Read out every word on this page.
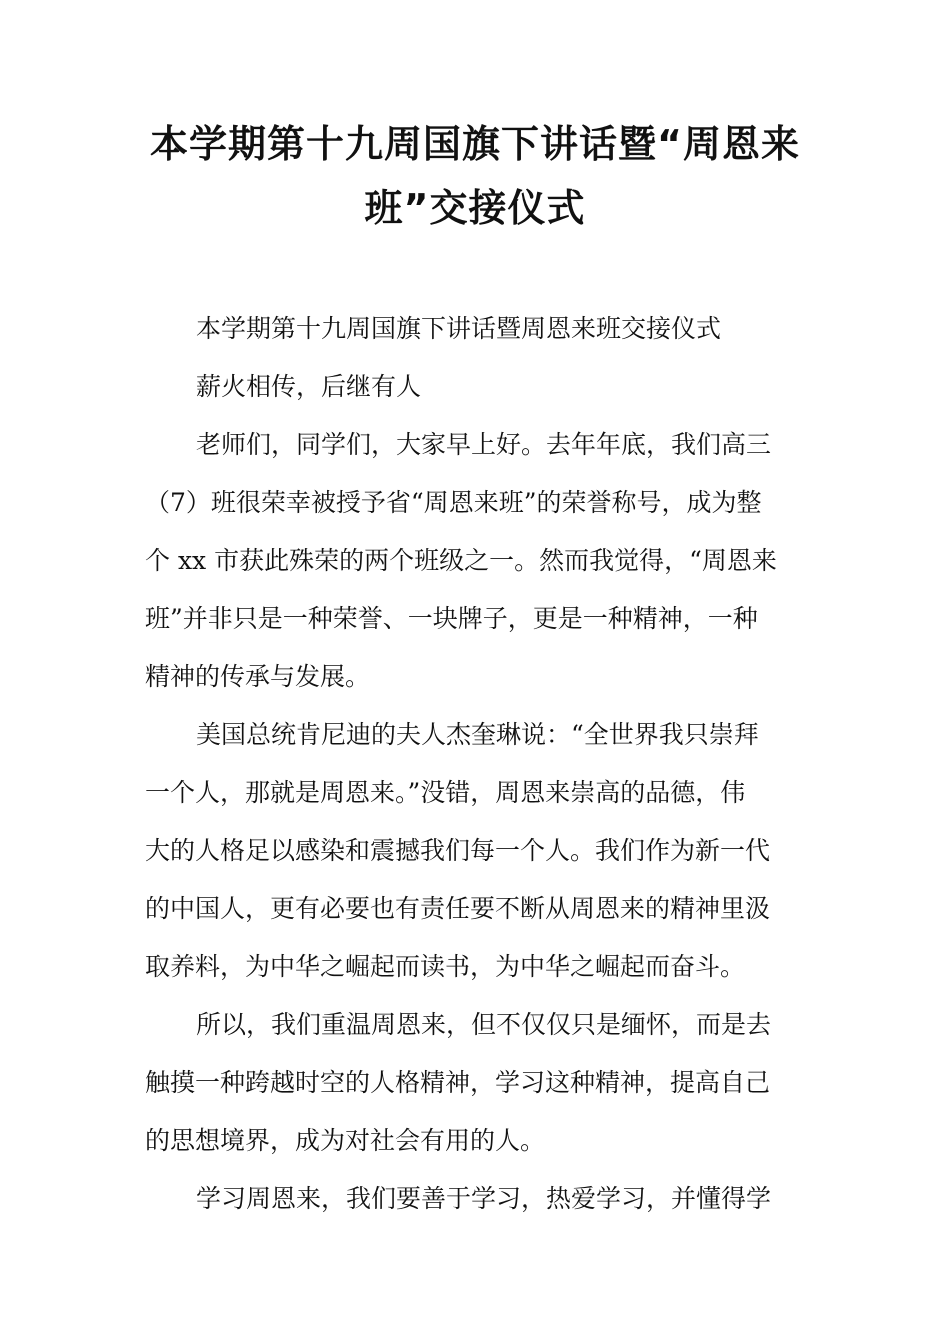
本学期第十九周国旗下讲话暨“周恩来
班”交接仪式

本学期第十九周国旗下讲话暨周恩来班交接仪式

薪火相传，后继有人

老师们，同学们，大家早上好。去年年底，我们高三
（7）班很荣幸被授予省“周恩来班”的荣誉称号，成为整
个 xx 市获此殊荣的两个班级之一。然而我觉得，“周恩来
班”并非只是一种荣誉、一块牌子，更是一种精神，一种
精神的传承与发展。

美国总统肯尼迪的夫人杰奎琳说：“全世界我只崇拜
一个人，那就是周恩来。”没错，周恩来崇高的品德，伟
大的人格足以感染和震撼我们每一个人。我们作为新一代
的中国人，更有必要也有责任要不断从周恩来的精神里汲
取养料，为中华之崛起而读书，为中华之崛起而奋斗。

所以，我们重温周恩来，但不仅仅只是缅怀，而是去
触摸一种跨越时空的人格精神，学习这种精神，提高自己
的思想境界，成为对社会有用的人。

学习周恩来，我们要善于学习，热爱学习，并懂得学
